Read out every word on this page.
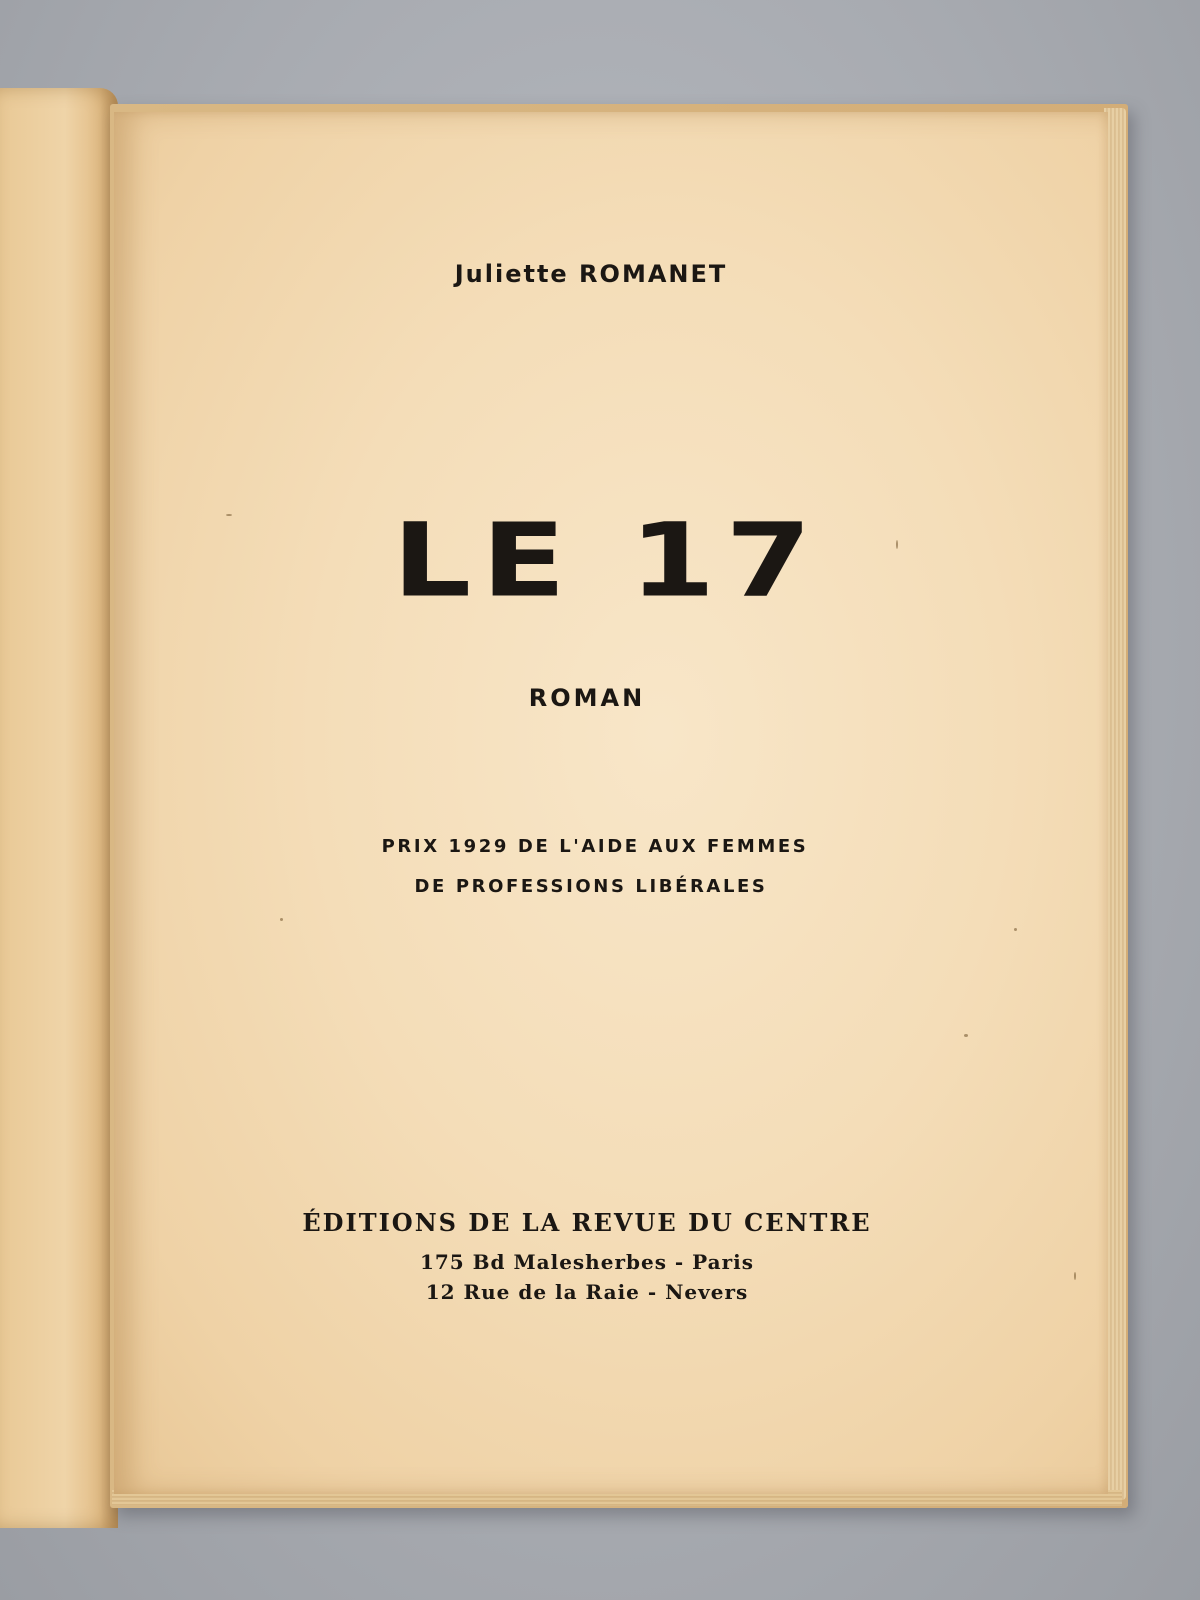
Juliette ROMANET
LE 17
ROMAN
PRIX 1929 DE L'AIDE AUX FEMMES
DE PROFESSIONS LIBÉRALES
ÉDITIONS DE LA REVUE DU CENTRE
175 Bd Malesherbes - Paris
12 Rue de la Raie - Nevers
